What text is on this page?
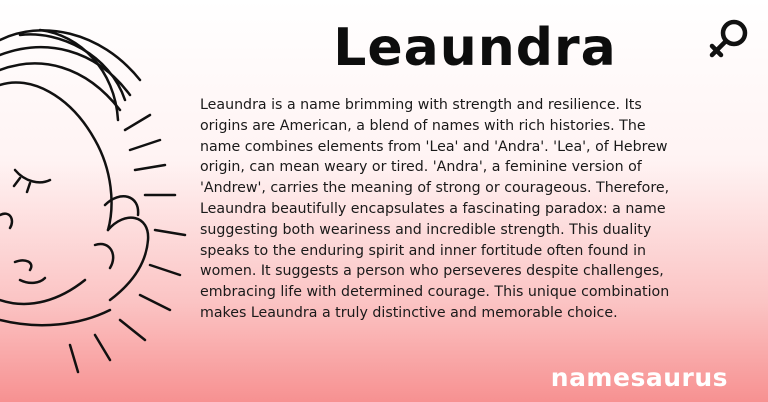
Leaundra
Leaundra is a name brimming with strength and resilience. Its origins are American, a blend of names with rich histories. The name combines elements from 'Lea' and 'Andra'. 'Lea', of Hebrew origin, can mean weary or tired. 'Andra', a feminine version of 'Andrew', carries the meaning of strong or courageous. Therefore, Leaundra beautifully encapsulates a fascinating paradox: a name suggesting both weariness and incredible strength. This duality speaks to the enduring spirit and inner fortitude often found in women. It suggests a person who perseveres despite challenges, embracing life with determined courage. This unique combination makes Leaundra a truly distinctive and memorable choice.
namesaurus
